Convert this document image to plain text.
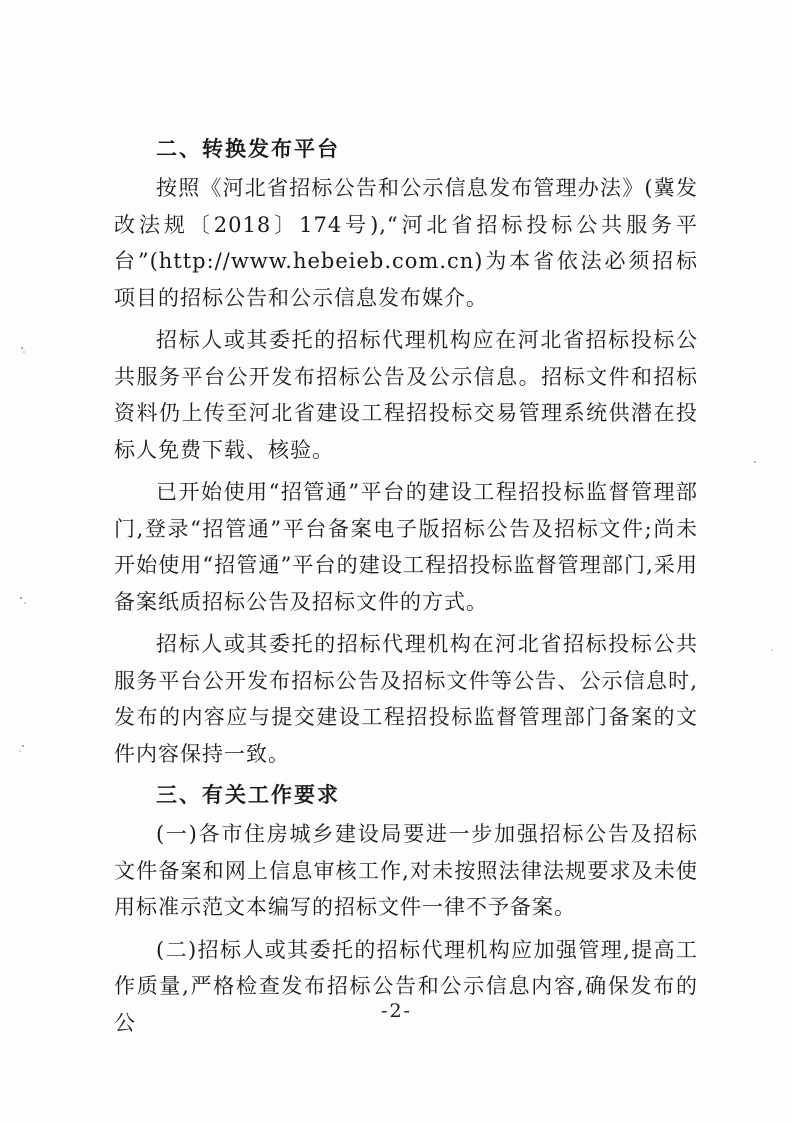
二、转换发布平台

按照《河北省招标公告和公示信息发布管理办法》(冀发改法规〔2018〕174号),“河北省招标投标公共服务平台”(http://www.hebeieb.com.cn)为本省依法必须招标项目的招标公告和公示信息发布媒介。

招标人或其委托的招标代理机构应在河北省招标投标公共服务平台公开发布招标公告及公示信息。招标文件和招标资料仍上传至河北省建设工程招投标交易管理系统供潜在投标人免费下载、核验。

已开始使用“招管通”平台的建设工程招投标监督管理部门,登录“招管通”平台备案电子版招标公告及招标文件;尚未开始使用“招管通”平台的建设工程招投标监督管理部门,采用备案纸质招标公告及招标文件的方式。

招标人或其委托的招标代理机构在河北省招标投标公共服务平台公开发布招标公告及招标文件等公告、公示信息时,发布的内容应与提交建设工程招投标监督管理部门备案的文件内容保持一致。

三、有关工作要求

(一)各市住房城乡建设局要进一步加强招标公告及招标文件备案和网上信息审核工作,对未按照法律法规要求及未使用标准示范文本编写的招标文件一律不予备案。

(二)招标人或其委托的招标代理机构应加强管理,提高工作质量,严格检查发布招标公告和公示信息内容,确保发布的公	-2-
